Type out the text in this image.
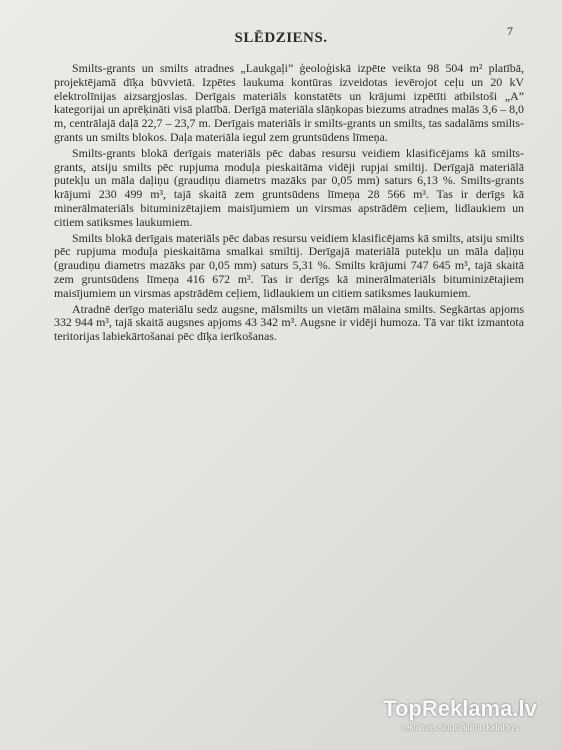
7
SLĒDZIENS.

Smilts-grants un smilts atradnes „Laukgaļi” ģeoloģiskā izpēte veikta 98 504 m² platībā, projektējamā dīķa būvvietā. Izpētes laukuma kontūras izveidotas ievērojot ceļu un 20 kV elektrolīnijas aizsargjoslas. Derīgais materiāls konstatēts un krājumi izpētīti atbilstoši „A” kategorijai un aprēķināti visā platībā. Derīgā materiāla slāņkopas biezums atradnes malās 3,6 – 8,0 m, centrālajā daļā 22,7 – 23,7 m. Derīgais materiāls ir smilts-grants un smilts, tas sadalāms smilts-grants un smilts blokos. Daļa materiāla iegul zem gruntsūdens līmeņa.

Smilts-grants blokā derīgais materiāls pēc dabas resursu veidiem klasificējams kā smilts-grants, atsiju smilts pēc rupjuma moduļa pieskaitāma vidēji rupjai smiltij. Derīgajā materiālā putekļu un māla daļiņu (graudiņu diametrs mazāks par 0,05 mm) saturs 6,13 %. Smilts-grants krājumi 230 499 m³, tajā skaitā zem gruntsūdens līmeņa 28 566 m³. Tas ir derīgs kā minerālmateriāls bituminizētajiem maisījumiem un virsmas apstrādēm ceļiem, lidlaukiem un citiem satiksmes laukumiem.

Smilts blokā derīgais materiāls pēc dabas resursu veidiem klasificējams kā smilts, atsiju smilts pēc rupjuma moduļa pieskaitāma smalkai smiltij. Derīgajā materiālā putekļu un māla daļiņu (graudiņu diametrs mazāks par 0,05 mm) saturs 5,31 %. Smilts krājumi 747 645 m³, tajā skaitā zem gruntsūdens līmeņa 416 672 m³. Tas ir derīgs kā minerālmateriāls bituminizētajiem maisījumiem un virsmas apstrādēm ceļiem, lidlaukiem un citiem satiksmes laukumiem.

Atradnē derīgo materiālu sedz augsne, mālsmilts un vietām mālaina smilts. Segkārtas apjoms 332 944 m³, tajā skaitā augsnes apjoms 43 342 m³. Augsne ir vidēji humoza. Tā var tikt izmantota teritorijas labiekārtošanai pēc dīķa ierīkošanas.

TopReklama.lv
reklāmas sludinājumu katalogs
